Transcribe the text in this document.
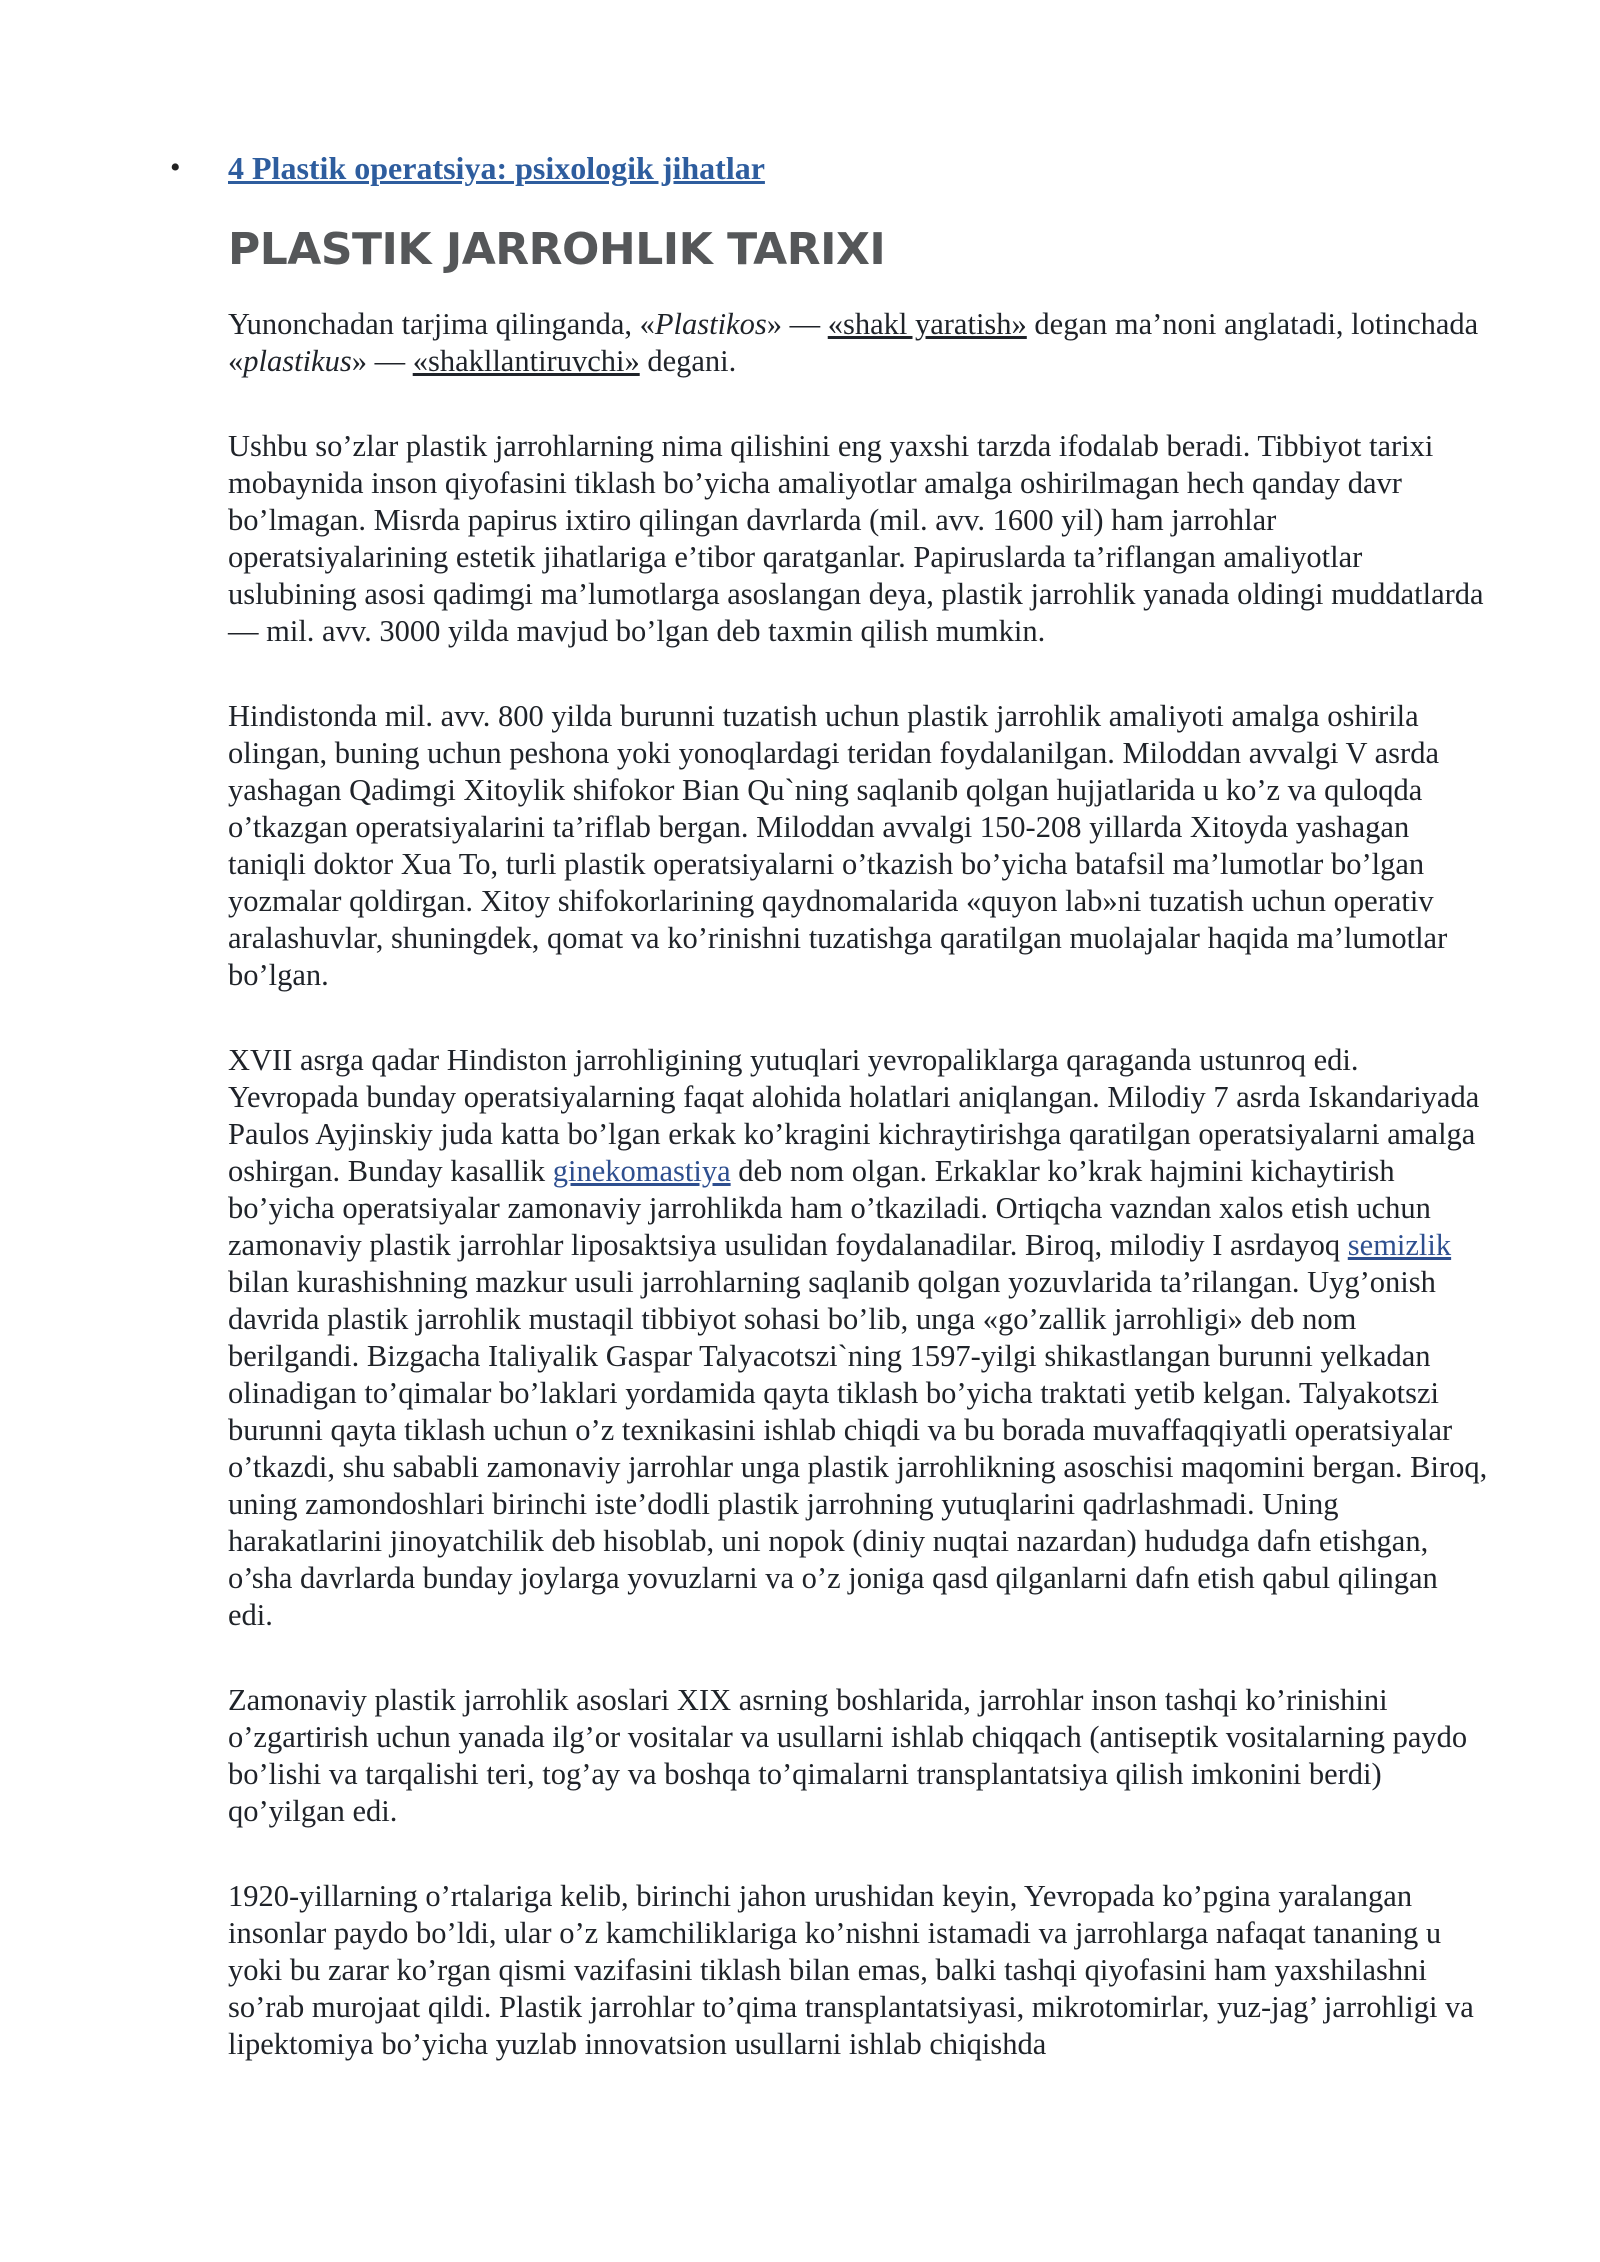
•	4 Plastik operatsiya: psixologik jihatlar
PLASTIK JARROHLIK TARIXI

Yunonchadan tarjima qilinganda, «Plastikos» — «shakl yaratish» degan ma’noni anglatadi, lotinchada «plastikus» — «shakllantiruvchi» degani.

Ushbu so’zlar plastik jarrohlarning nima qilishini eng yaxshi tarzda ifodalab beradi. Tibbiyot tarixi mobaynida inson qiyofasini tiklash bo’yicha amaliyotlar amalga oshirilmagan hech qanday davr bo’lmagan. Misrda papirus ixtiro qilingan davrlarda (mil. avv. 1600 yil) ham jarrohlar operatsiyalarining estetik jihatlariga e’tibor qaratganlar. Papiruslarda ta’riflangan amaliyotlar uslubining asosi qadimgi ma’lumotlarga asoslangan deya, plastik jarrohlik yanada oldingi muddatlarda — mil. avv. 3000 yilda mavjud bo’lgan deb taxmin qilish mumkin.

Hindistonda mil. avv. 800 yilda burunni tuzatish uchun plastik jarrohlik amaliyoti amalga oshirila olingan, buning uchun peshona yoki yonoqlardagi teridan foydalanilgan. Miloddan avvalgi V asrda yashagan Qadimgi Xitoylik shifokor Bian Qu`ning saqlanib qolgan hujjatlarida u ko’z va quloqda o’tkazgan operatsiyalarini ta’riflab bergan. Miloddan avvalgi 150-208 yillarda Xitoyda yashagan taniqli doktor Xua To, turli plastik operatsiyalarni o’tkazish bo’yicha batafsil ma’lumotlar bo’lgan yozmalar qoldirgan. Xitoy shifokorlarining qaydnomalarida «quyon lab»ni tuzatish uchun operativ aralashuvlar, shuningdek, qomat va ko’rinishni tuzatishga qaratilgan muolajalar haqida ma’lumotlar bo’lgan.

XVII asrga qadar Hindiston jarrohligining yutuqlari yevropaliklarga qaraganda ustunroq edi. Yevropada bunday operatsiyalarning faqat alohida holatlari aniqlangan. Milodiy 7 asrda Iskandariyada Paulos Ayjinskiy juda katta bo’lgan erkak ko’kragini kichraytirishga qaratilgan operatsiyalarni amalga oshirgan. Bunday kasallik ginekomastiya deb nom olgan. Erkaklar ko’krak hajmini kichaytirish bo’yicha operatsiyalar zamonaviy jarrohlikda ham o’tkaziladi. Ortiqcha vazndan xalos etish uchun zamonaviy plastik jarrohlar liposaktsiya usulidan foydalanadilar. Biroq, milodiy I asrdayoq semizlik bilan kurashishning mazkur usuli jarrohlarning saqlanib qolgan yozuvlarida ta’rilangan. Uyg’onish davrida plastik jarrohlik mustaqil tibbiyot sohasi bo’lib, unga «go’zallik jarrohligi» deb nom berilgandi. Bizgacha Italiyalik Gaspar Talyacotszi`ning 1597-yilgi shikastlangan burunni yelkadan olinadigan to’qimalar bo’laklari yordamida qayta tiklash bo’yicha traktati yetib kelgan. Talyakotszi burunni qayta tiklash uchun o’z texnikasini ishlab chiqdi va bu borada muvaffaqqiyatli operatsiyalar o’tkazdi, shu sababli zamonaviy jarrohlar unga plastik jarrohlikning asoschisi maqomini bergan. Biroq, uning zamondoshlari birinchi iste’dodli plastik jarrohning yutuqlarini qadrlashmadi. Uning harakatlarini jinoyatchilik deb hisoblab, uni nopok (diniy nuqtai nazardan) hududga dafn etishgan, o’sha davrlarda bunday joylarga yovuzlarni va o’z joniga qasd qilganlarni dafn etish qabul qilingan edi.

Zamonaviy plastik jarrohlik asoslari XIX asrning boshlarida, jarrohlar inson tashqi ko’rinishini o’zgartirish uchun yanada ilg’or vositalar va usullarni ishlab chiqqach (antiseptik vositalarning paydo bo’lishi va tarqalishi teri, tog’ay va boshqa to’qimalarni transplantatsiya qilish imkonini berdi) qo’yilgan edi.

1920-yillarning o’rtalariga kelib, birinchi jahon urushidan keyin, Yevropada ko’pgina yaralangan insonlar paydo bo’ldi, ular o’z kamchiliklariga ko’nishni istamadi va jarrohlarga nafaqat tananing u yoki bu zarar ko’rgan qismi vazifasini tiklash bilan emas, balki tashqi qiyofasini ham yaxshilashni so’rab murojaat qildi. Plastik jarrohlar to’qima transplantatsiyasi, mikrotomirlar, yuz-jag’ jarrohligi va lipektomiya bo’yicha yuzlab innovatsion usullarni ishlab chiqishda
